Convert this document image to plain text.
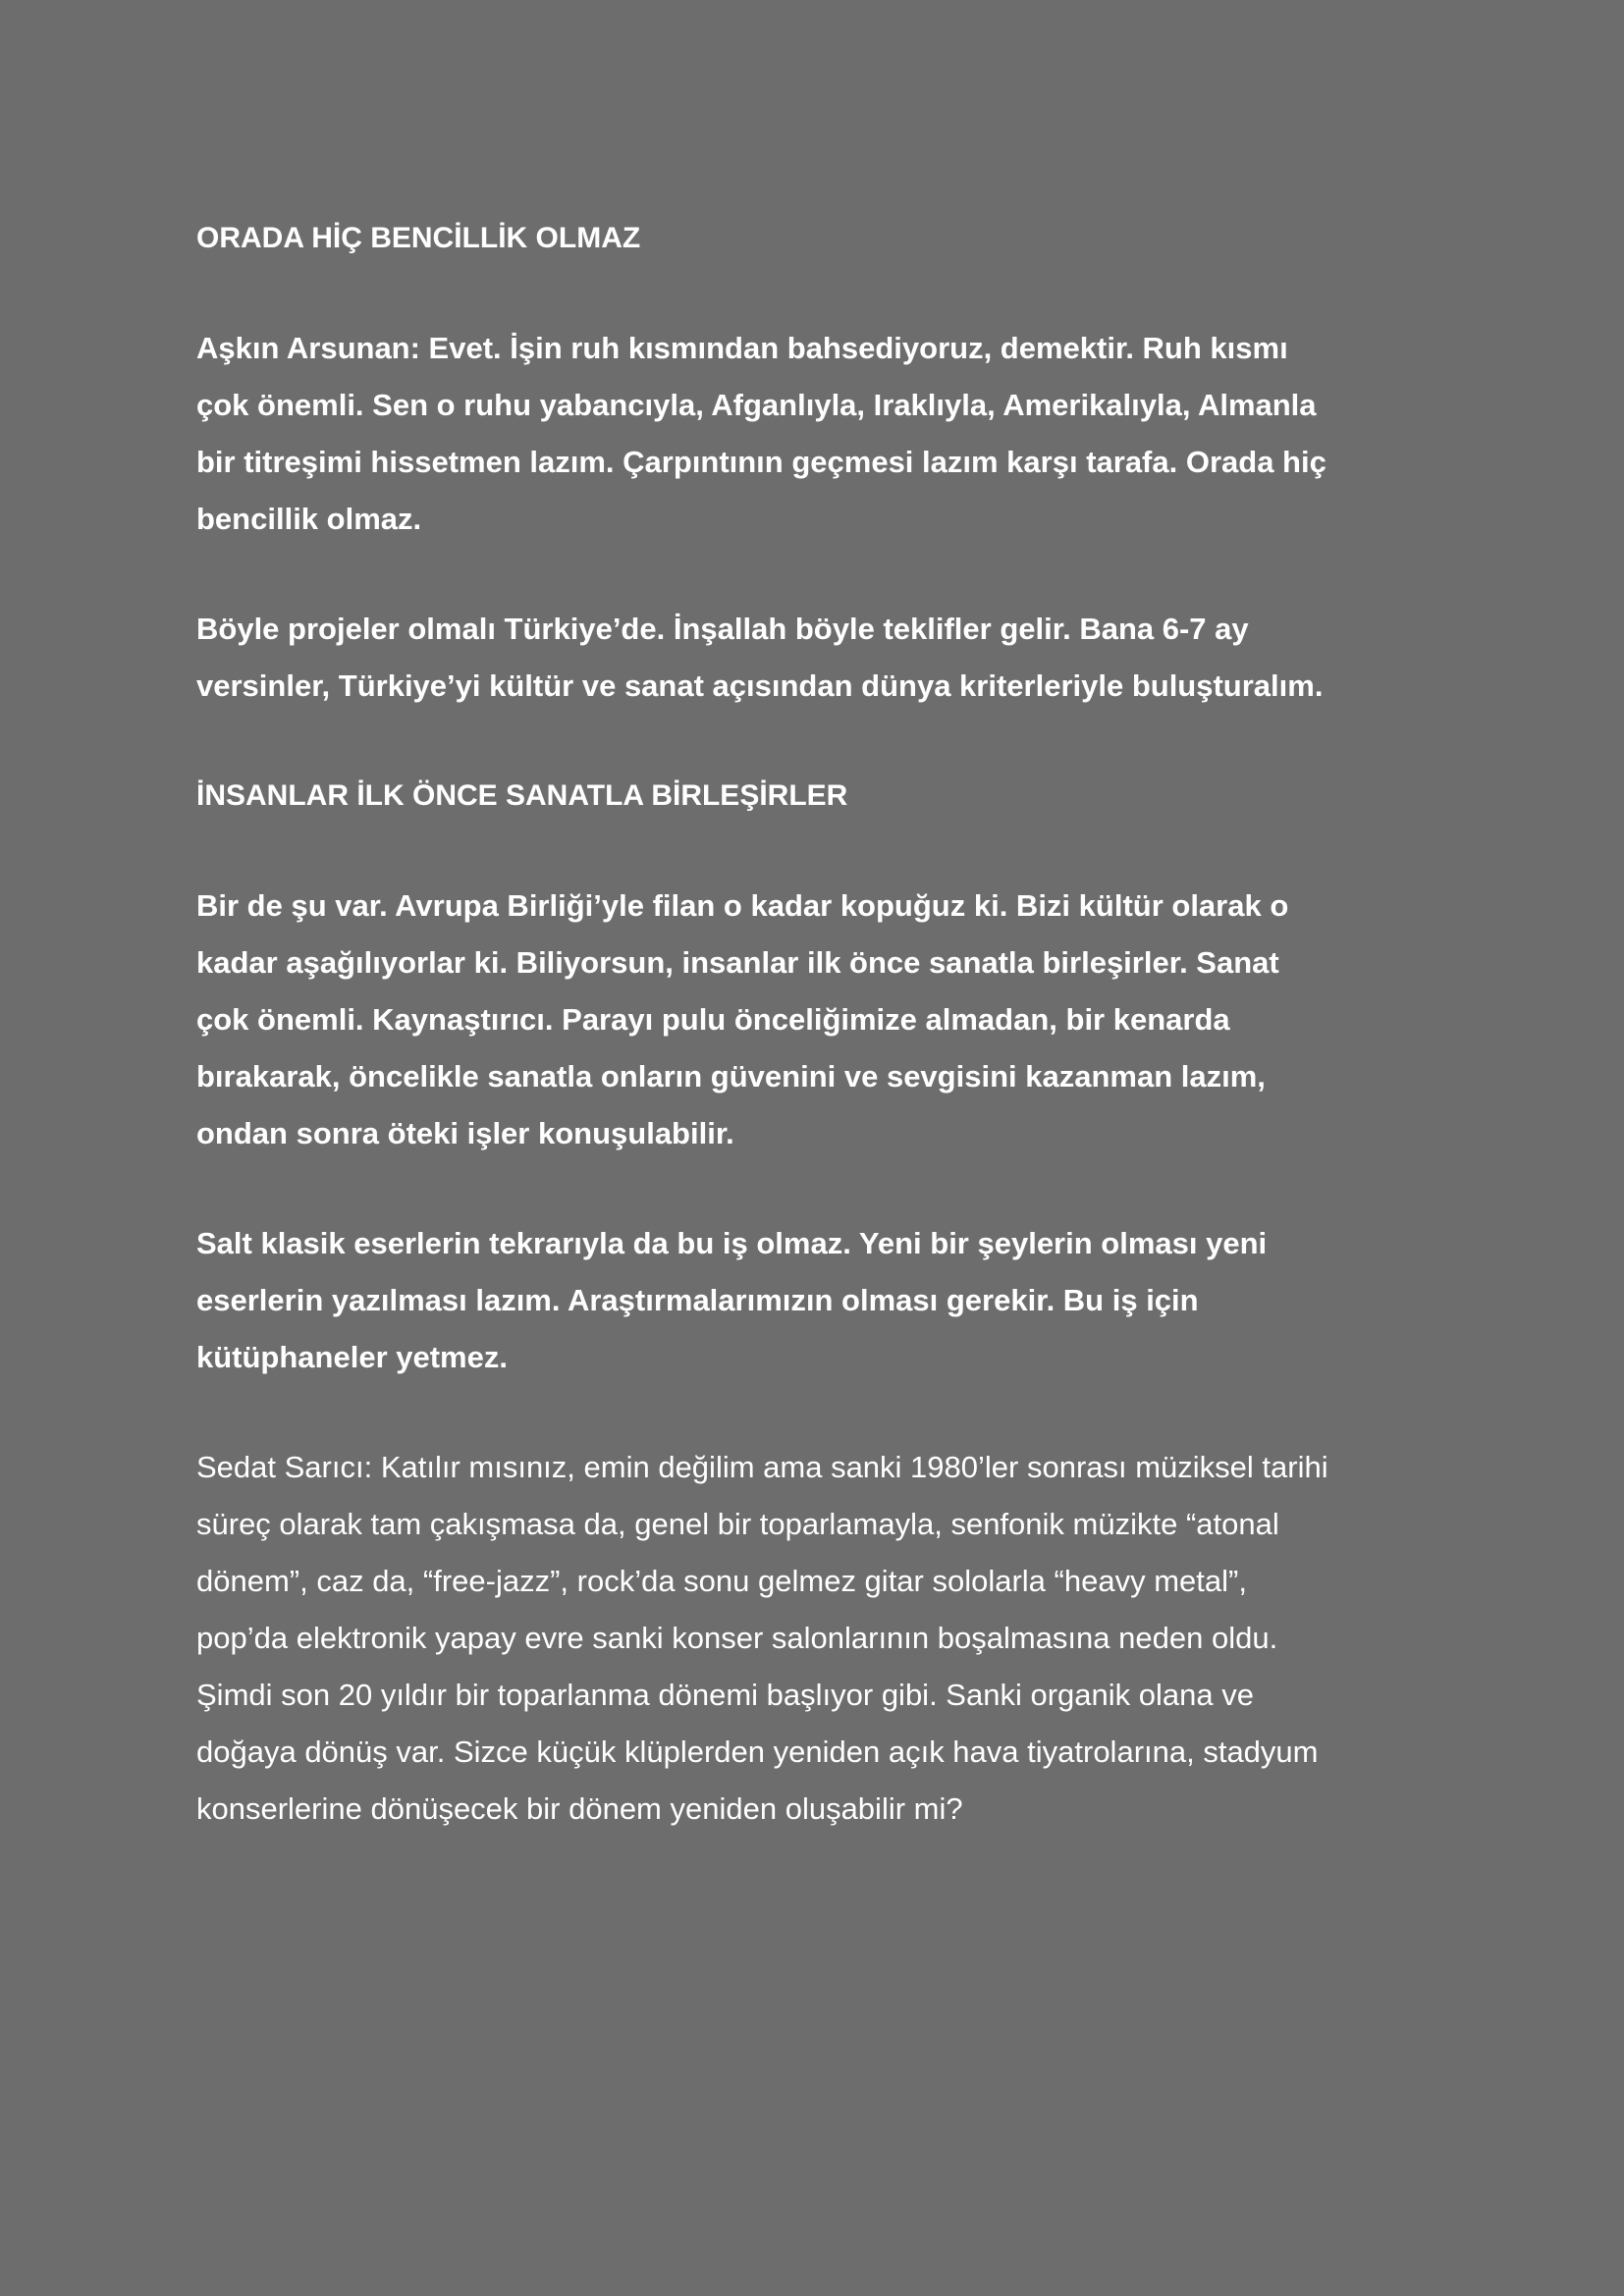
ORADA HİÇ BENCİLLİK OLMAZ
Aşkın Arsunan: Evet. İşin ruh kısmından bahsediyoruz, demektir. Ruh kısmı
çok önemli. Sen o ruhu yabancıyla, Afganlıyla, Iraklıyla, Amerikalıyla, Almanla
bir titreşimi hissetmen lazım. Çarpıntının geçmesi lazım karşı tarafa. Orada hiç
bencillik olmaz.
Böyle projeler olmalı Türkiye’de. İnşallah böyle teklifler gelir. Bana 6-7 ay
versinler, Türkiye’yi kültür ve sanat açısından dünya kriterleriyle buluşturalım.
İNSANLAR İLK ÖNCE SANATLA BİRLEŞİRLER
Bir de şu var. Avrupa Birliği’yle filan o kadar kopuğuz ki. Bizi kültür olarak o
kadar aşağılıyorlar ki. Biliyorsun, insanlar ilk önce sanatla birleşirler. Sanat
çok önemli. Kaynaştırıcı. Parayı pulu önceliğimize almadan, bir kenarda
bırakarak, öncelikle sanatla onların güvenini ve sevgisini kazanman lazım,
ondan sonra öteki işler konuşulabilir.
Salt klasik eserlerin tekrarıyla da bu iş olmaz. Yeni bir şeylerin olması yeni
eserlerin yazılması lazım. Araştırmalarımızın olması gerekir. Bu iş için
kütüphaneler yetmez.
Sedat Sarıcı: Katılır mısınız, emin değilim ama sanki 1980’ler sonrası müziksel tarihi
süreç olarak tam çakışmasa da, genel bir toparlamayla, senfonik müzikte “atonal
dönem”, caz da, “free-jazz”, rock’da sonu gelmez gitar sololarla “heavy metal”,
pop’da elektronik yapay evre sanki konser salonlarının boşalmasına neden oldu.
Şimdi son 20 yıldır bir toparlanma dönemi başlıyor gibi. Sanki organik olana ve
doğaya dönüş var. Sizce küçük klüplerden yeniden açık hava tiyatrolarına, stadyum
konserlerine dönüşecek bir dönem yeniden oluşabilir mi?
